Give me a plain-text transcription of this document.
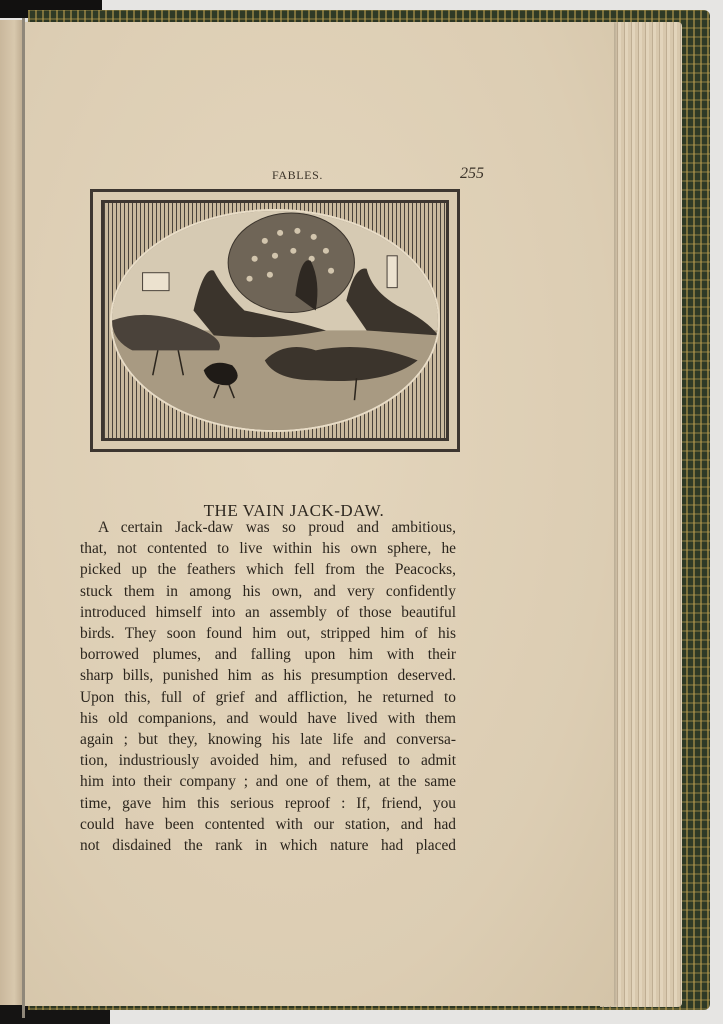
FABLES.	255
THE VAIN JACK-DAW.
A certain Jack-daw was so proud and ambitious,
that, not contented to live within his own sphere, he
picked up the feathers which fell from the Peacocks,
stuck them in among his own, and very confidently
introduced himself into an assembly of those beautiful
birds. They soon found him out, stripped him of his
borrowed plumes, and falling upon him with their
sharp bills, punished him as his presumption deserved.
Upon this, full of grief and affliction, he returned to
his old companions, and would have lived with them
again ; but they, knowing his late life and conversa-
tion, industriously avoided him, and refused to admit
him into their company ; and one of them, at the same
time, gave him this serious reproof : If, friend, you
could have been contented with our station, and had
not disdained the rank in which nature had placed
